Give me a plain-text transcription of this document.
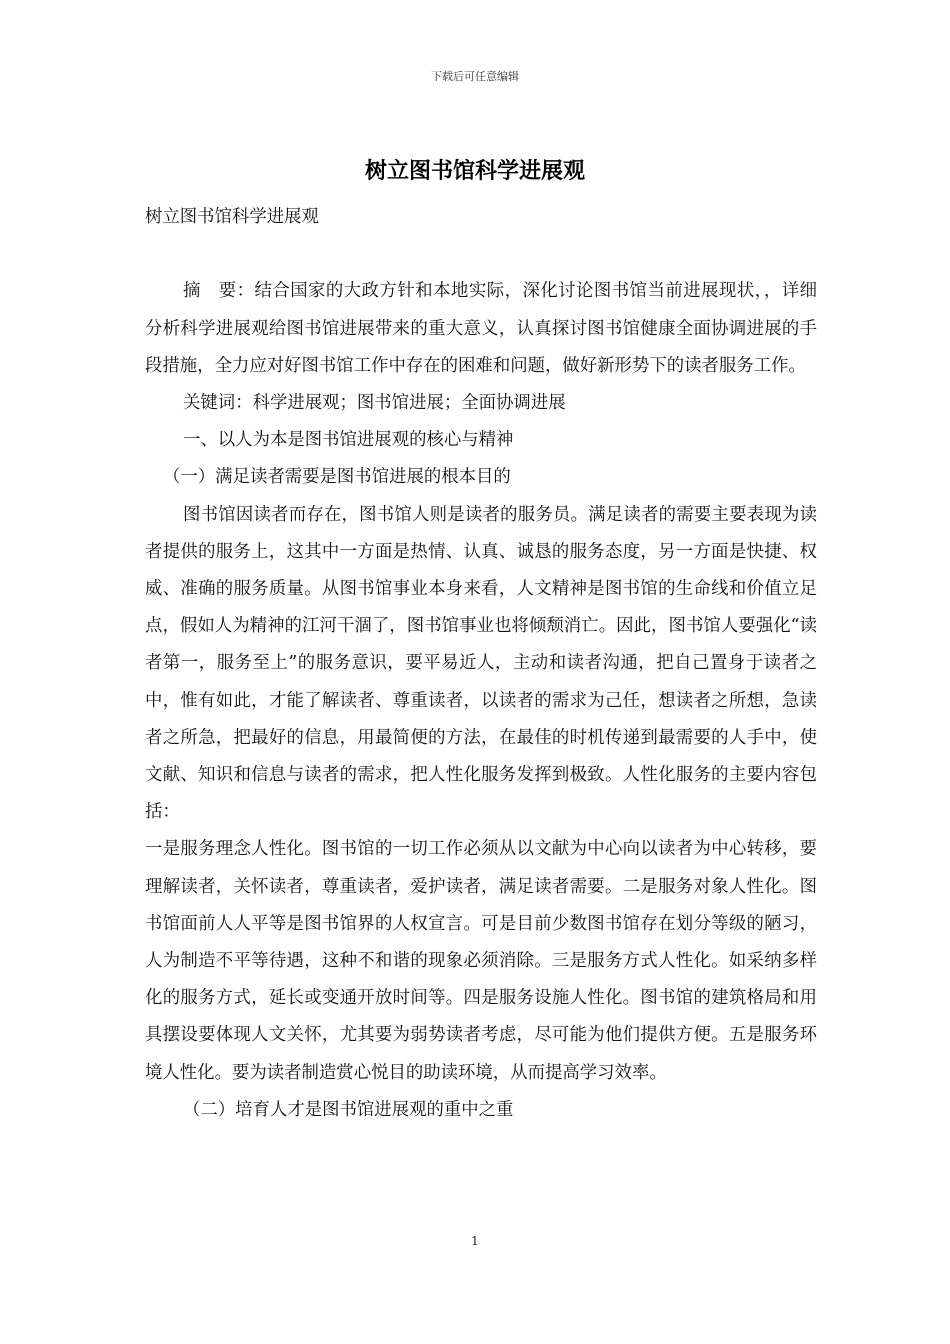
下载后可任意编辑
树立图书馆科学进展观

树立图书馆科学进展观

摘　要：结合国家的大政方针和本地实际，深化讨论图书馆当前进展现状，，详细分析科学进展观给图书馆进展带来的重大意义，认真探讨图书馆健康全面协调进展的手段措施，全力应对好图书馆工作中存在的困难和问题，做好新形势下的读者服务工作。

关键词：科学进展观；图书馆进展；全面协调进展

一、以人为本是图书馆进展观的核心与精神

（一）满足读者需要是图书馆进展的根本目的

图书馆因读者而存在，图书馆人则是读者的服务员。满足读者的需要主要表现为读者提供的服务上，这其中一方面是热情、认真、诚恳的服务态度，另一方面是快捷、权威、准确的服务质量。从图书馆事业本身来看，人文精神是图书馆的生命线和价值立足点，假如人为精神的江河干涸了，图书馆事业也将倾颓消亡。因此，图书馆人要强化“读者第一，服务至上”的服务意识，要平易近人，主动和读者沟通，把自己置身于读者之中，惟有如此，才能了解读者、尊重读者，以读者的需求为己任，想读者之所想，急读者之所急，把最好的信息，用最简便的方法，在最佳的时机传递到最需要的人手中，使文献、知识和信息与读者的需求，把人性化服务发挥到极致。人性化服务的主要内容包括：

一是服务理念人性化。图书馆的一切工作必须从以文献为中心向以读者为中心转移，要理解读者，关怀读者，尊重读者，爱护读者，满足读者需要。二是服务对象人性化。图书馆面前人人平等是图书馆界的人权宣言。可是目前少数图书馆存在划分等级的陋习，人为制造不平等待遇，这种不和谐的现象必须消除。三是服务方式人性化。如采纳多样化的服务方式，延长或变通开放时间等。四是服务设施人性化。图书馆的建筑格局和用具摆设要体现人文关怀，尤其要为弱势读者考虑，尽可能为他们提供方便。五是服务环境人性化。要为读者制造赏心悦目的助读环境，从而提高学习效率。

（二）培育人才是图书馆进展观的重中之重

1
